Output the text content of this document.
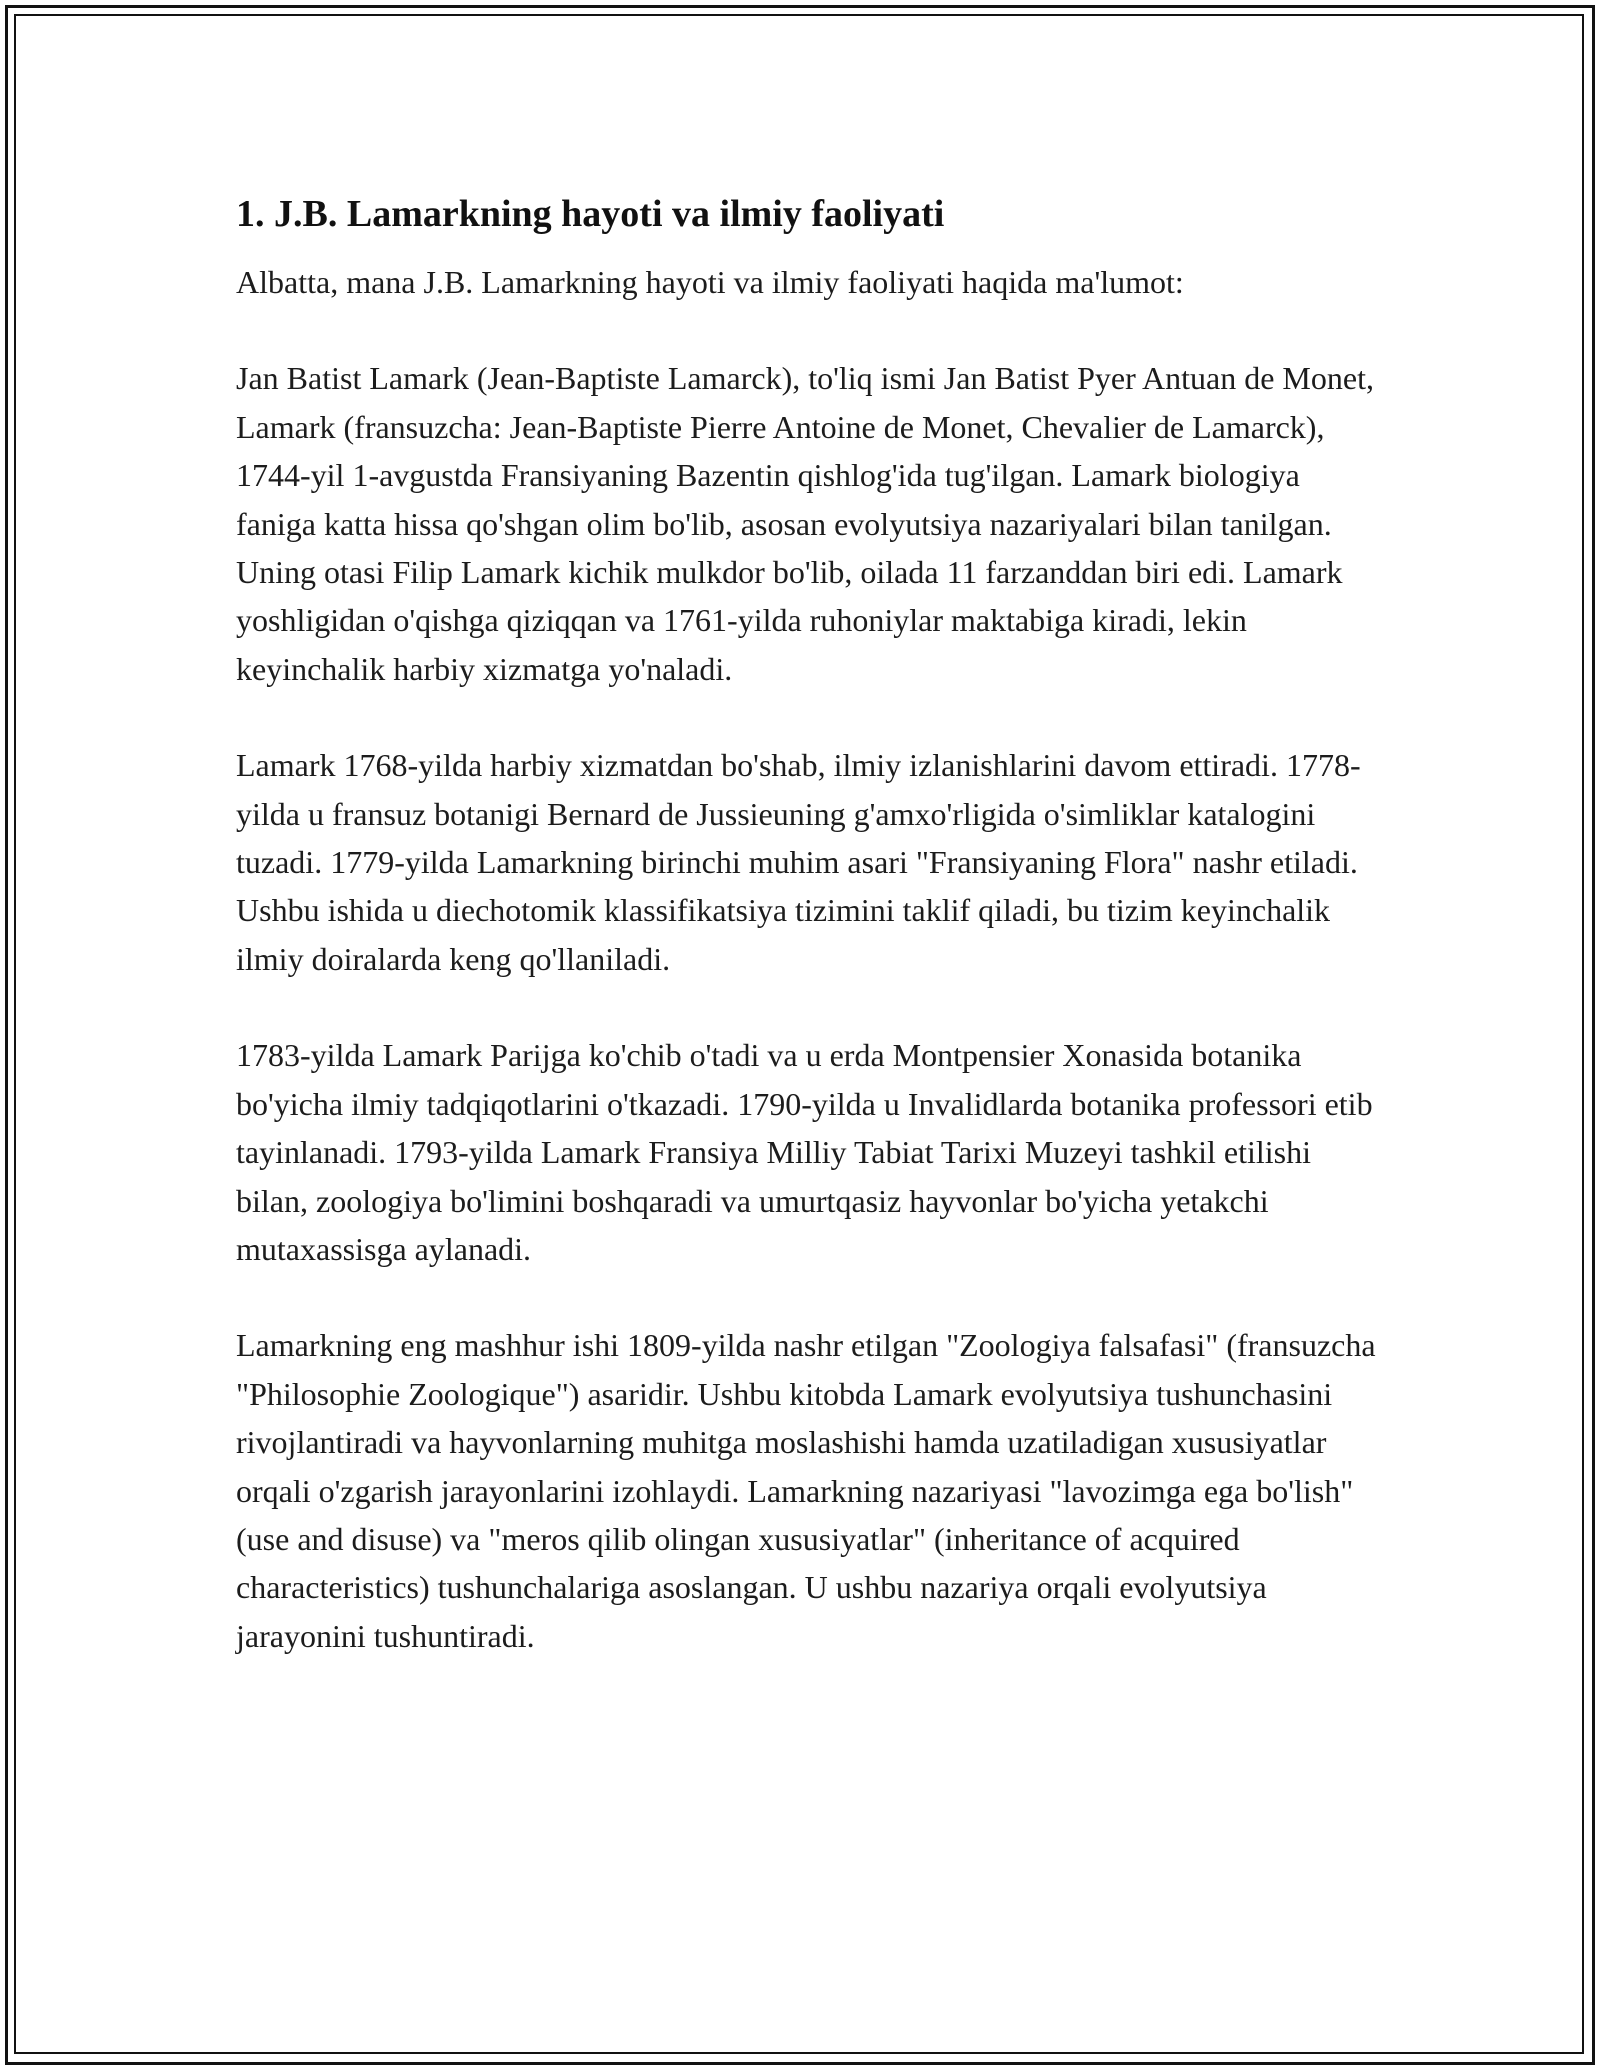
1. J.B. Lamarkning hayoti va ilmiy faoliyati

Albatta, mana J.B. Lamarkning hayoti va ilmiy faoliyati haqida ma'lumot:

Jan Batist Lamark (Jean-Baptiste Lamarck), to'liq ismi Jan Batist Pyer Antuan de Monet, Lamark (fransuzcha: Jean-Baptiste Pierre Antoine de Monet, Chevalier de Lamarck), 1744-yil 1-avgustda Fransiyaning Bazentin qishlog'ida tug'ilgan. Lamark biologiya faniga katta hissa qo'shgan olim bo'lib, asosan evolyutsiya nazariyalari bilan tanilgan. Uning otasi Filip Lamark kichik mulkdor bo'lib, oilada 11 farzanddan biri edi. Lamark yoshligidan o'qishga qiziqqan va 1761-yilda ruhoniylar maktabiga kiradi, lekin keyinchalik harbiy xizmatga yo'naladi.

Lamark 1768-yilda harbiy xizmatdan bo'shab, ilmiy izlanishlarini davom ettiradi. 1778-yilda u fransuz botanigi Bernard de Jussieuning g'amxo'rligida o'simliklar katalogini tuzadi. 1779-yilda Lamarkning birinchi muhim asari "Fransiyaning Flora" nashr etiladi. Ushbu ishida u diechotomik klassifikatsiya tizimini taklif qiladi, bu tizim keyinchalik ilmiy doiralarda keng qo'llaniladi.

1783-yilda Lamark Parijga ko'chib o'tadi va u erda Montpensier Xonasida botanika bo'yicha ilmiy tadqiqotlarini o'tkazadi. 1790-yilda u Invalidlarda botanika professori etib tayinlanadi. 1793-yilda Lamark Fransiya Milliy Tabiat Tarixi Muzeyi tashkil etilishi bilan, zoologiya bo'limini boshqaradi va umurtqasiz hayvonlar bo'yicha yetakchi mutaxassisga aylanadi.

Lamarkning eng mashhur ishi 1809-yilda nashr etilgan "Zoologiya falsafasi" (fransuzcha "Philosophie Zoologique") asaridir. Ushbu kitobda Lamark evolyutsiya tushunchasini rivojlantiradi va hayvonlarning muhitga moslashishi hamda uzatiladigan xususiyatlar orqali o'zgarish jarayonlarini izohlaydi. Lamarkning nazariyasi "lavozimga ega bo'lish" (use and disuse) va "meros qilib olingan xususiyatlar" (inheritance of acquired characteristics) tushunchalariga asoslangan. U ushbu nazariya orqali evolyutsiya jarayonini tushuntiradi.
